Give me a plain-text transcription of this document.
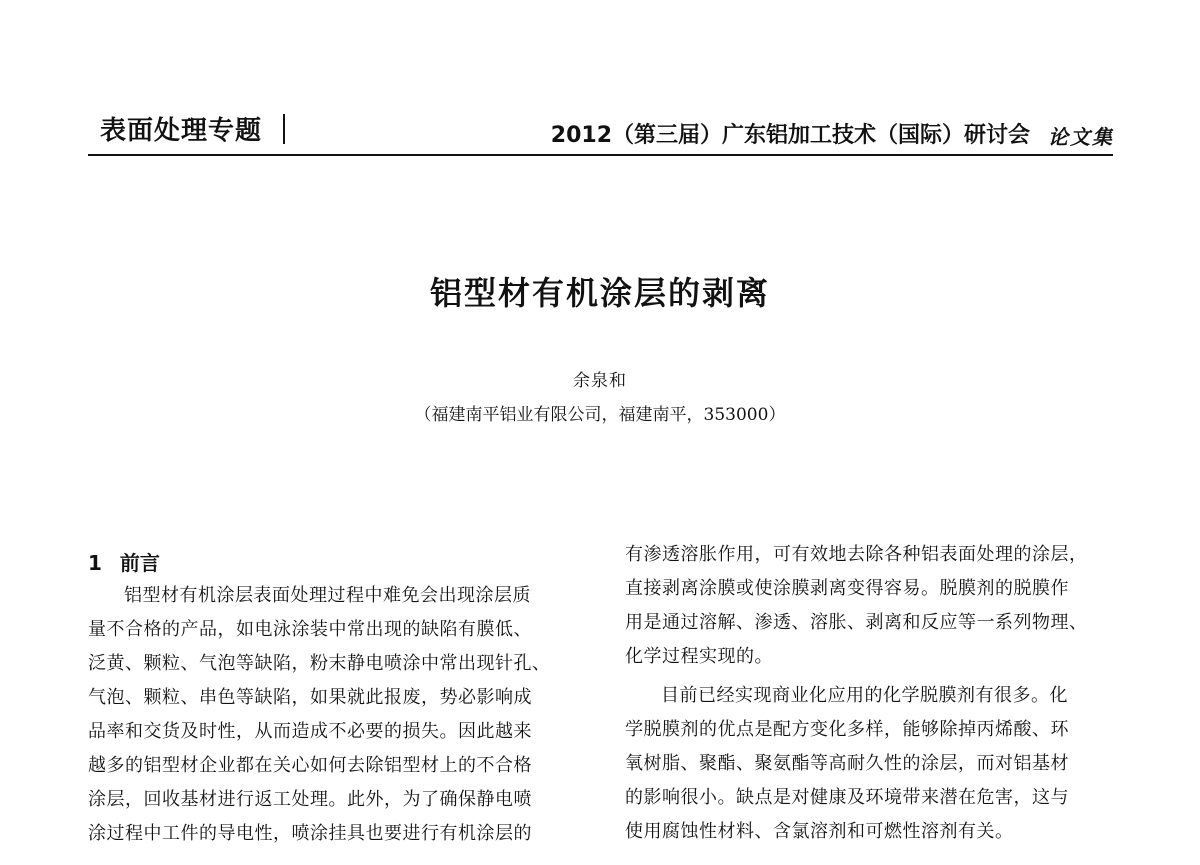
表面处理专题	2012（第三届）广东铝加工技术（国际）研讨会 论文集
铝型材有机涂层的剥离
余泉和
（福建南平铝业有限公司，福建南平，353000）
1 前言
铝型材有机涂层表面处理过程中难免会出现涂层质
量不合格的产品，如电泳涂装中常出现的缺陷有膜低、
泛黄、颗粒、气泡等缺陷，粉末静电喷涂中常出现针孔、
气泡、颗粒、串色等缺陷，如果就此报废，势必影响成
品率和交货及时性，从而造成不必要的损失。因此越来
越多的铝型材企业都在关心如何去除铝型材上的不合格
涂层，回收基材进行返工处理。此外，为了确保静电喷
涂过程中工件的导电性，喷涂挂具也要进行有机涂层的
有渗透溶胀作用，可有效地去除各种铝表面处理的涂层，
直接剥离涂膜或使涂膜剥离变得容易。脱膜剂的脱膜作
用是通过溶解、渗透、溶胀、剥离和反应等一系列物理、
化学过程实现的。
目前已经实现商业化应用的化学脱膜剂有很多。化
学脱膜剂的优点是配方变化多样，能够除掉丙烯酸、环
氧树脂、聚酯、聚氨酯等高耐久性的涂层，而对铝基材
的影响很小。缺点是对健康及环境带来潜在危害，这与
使用腐蚀性材料、含氯溶剂和可燃性溶剂有关。
